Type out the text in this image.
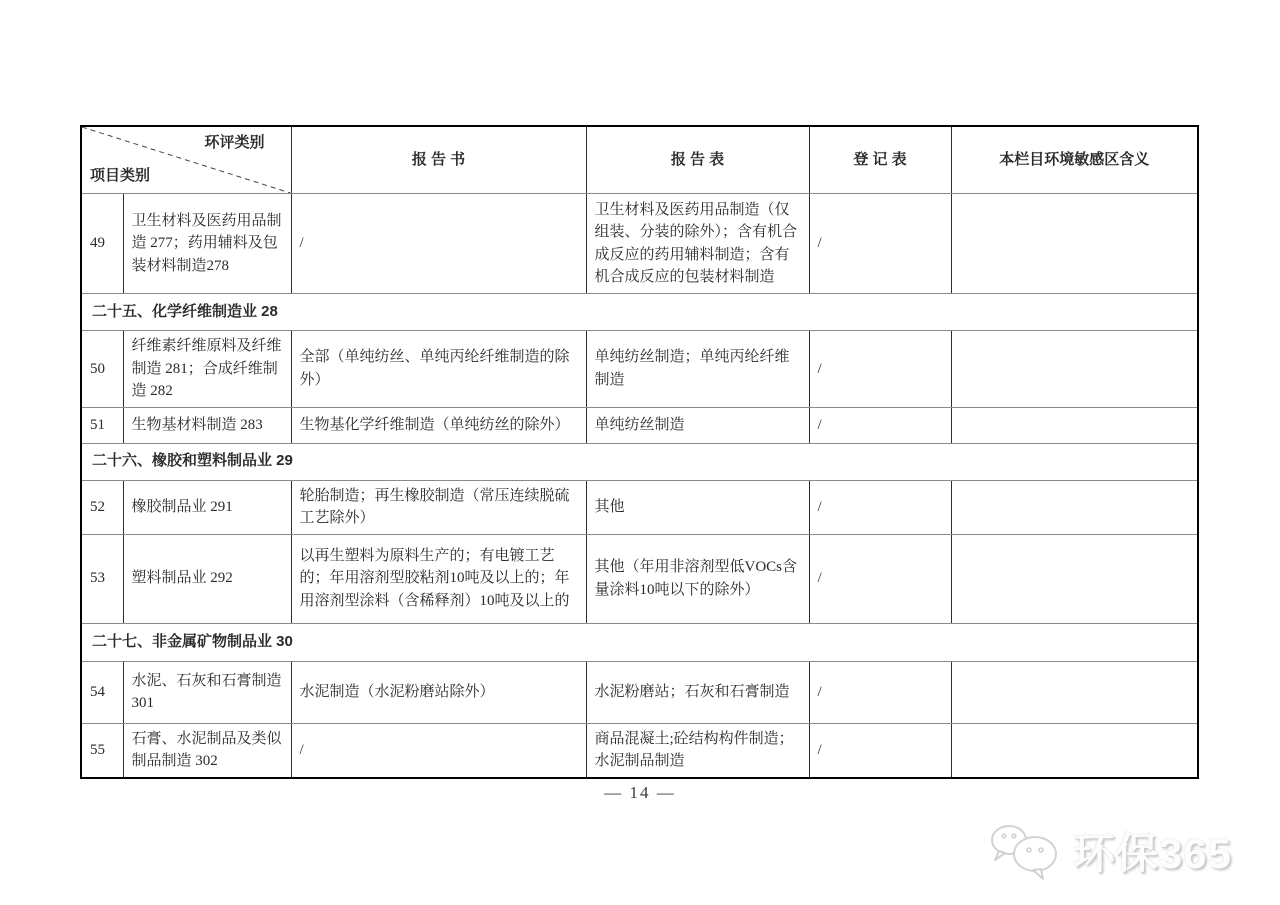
环评类别
项目类别		报 告 书	报 告 表	登 记 表	本栏目环境敏感区含义
49	卫生材料及医药用品制造 277；药用辅料及包装材料制造278	/	卫生材料及医药用品制造（仅组装、分装的除外）；含有机合成反应的药用辅料制造；含有机合成反应的包装材料制造	/	
二十五、化学纤维制造业 28					
50	纤维素纤维原料及纤维制造 281；合成纤维制造 282	全部（单纯纺丝、单纯丙纶纤维制造的除外）	单纯纺丝制造；单纯丙纶纤维制造	/	
51	生物基材料制造 283	生物基化学纤维制造（单纯纺丝的除外）	单纯纺丝制造	/	
二十六、橡胶和塑料制品业 29					
52	橡胶制品业 291	轮胎制造；再生橡胶制造（常压连续脱硫工艺除外）	其他	/	
53	塑料制品业 292	以再生塑料为原料生产的；有电镀工艺的；年用溶剂型胶粘剂10吨及以上的；年用溶剂型涂料（含稀释剂）10吨及以上的	其他（年用非溶剂型低VOCs含量涂料10吨以下的除外）	/	
二十七、非金属矿物制品业 30					
54	水泥、石灰和石膏制造 301	水泥制造（水泥粉磨站除外）	水泥粉磨站；石灰和石膏制造	/	
55	石膏、水泥制品及类似制品制造 302	/	商品混凝土;砼结构构件制造；水泥制品制造	/	
— 14 —
环保365
